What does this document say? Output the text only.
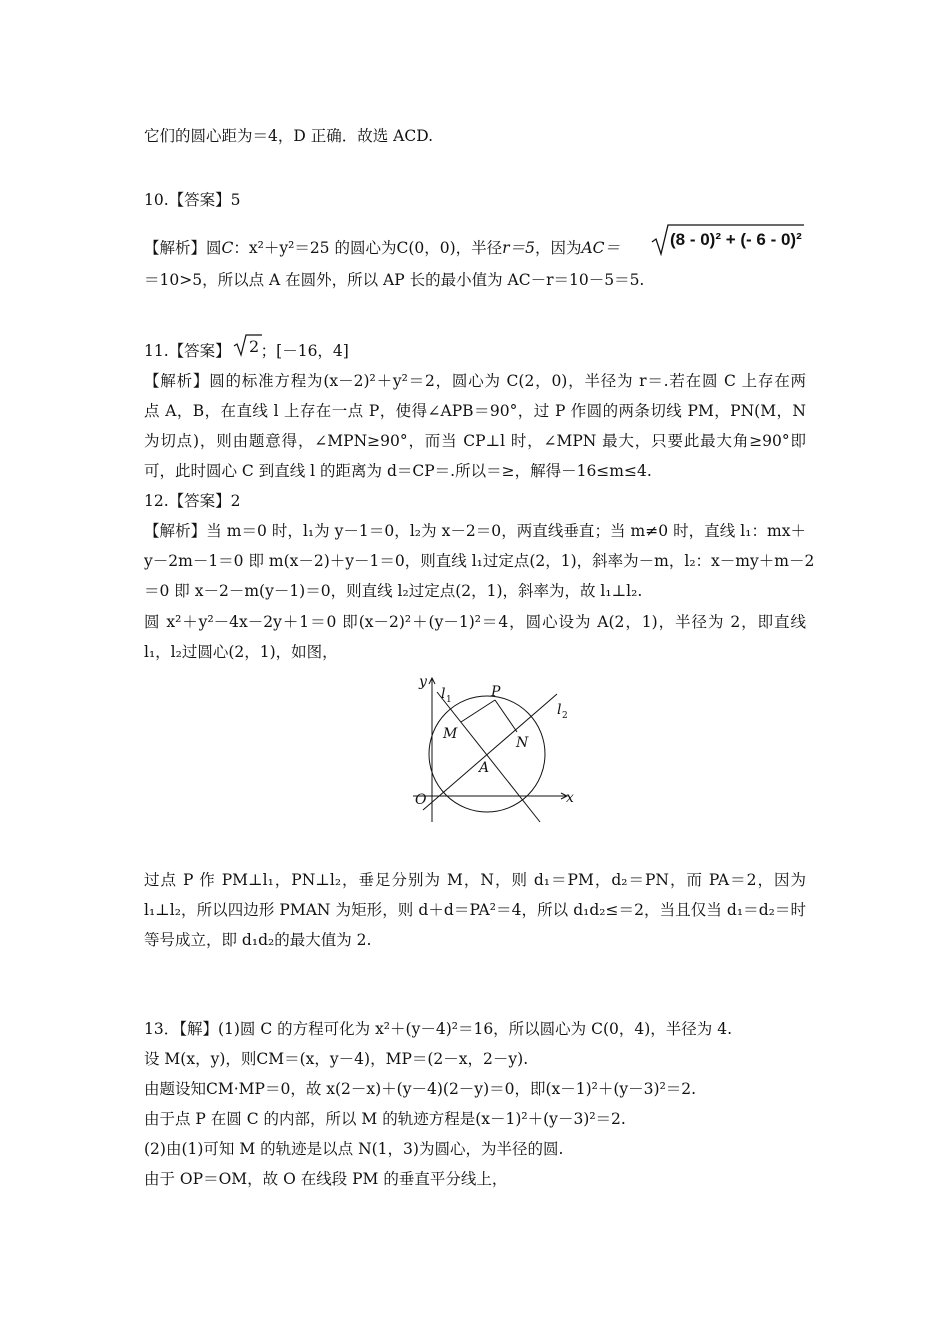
它们的圆心距为＝4，D 正确．故选 ACD.
10.【答案】5
【解析】圆C：x²＋y²＝25 的圆心为C(0，0)，半径r＝5，因为AC＝	(8 - 0)² + (- 6 - 0)²
＝10>5，所以点 A 在圆外，所以 AP 长的最小值为 AC－r＝10－5＝5.
11.【答案】 ；[－16，4]
2
【解析】圆的标准方程为(x－2)²＋y²＝2，圆心为 C(2，0)，半径为 r＝.若在圆 C 上存在两
点 A，B，在直线 l 上存在一点 P，使得∠APB＝90°，过 P 作圆的两条切线 PM，PN(M，N
为切点)，则由题意得，∠MPN≥90°，而当 CP⊥l 时，∠MPN 最大，只要此最大角≥90°即
可，此时圆心 C 到直线 l 的距离为 d＝CP＝.所以＝≥，解得－16≤m≤4.
12.【答案】2
【解析】当 m＝0 时，l₁为 y－1＝0，l₂为 x－2＝0，两直线垂直；当 m≠0 时，直线 l₁：mx＋
y－2m－1＝0 即 m(x－2)＋y－1＝0，则直线 l₁过定点(2，1)，斜率为－m，l₂：x－my＋m－2
＝0 即 x－2－m(y－1)＝0，则直线 l₂过定点(2，1)，斜率为，故 l₁⊥l₂.
圆 x²＋y²－4x－2y＋1＝0 即(x－2)²＋(y－1)²＝4，圆心设为 A(2，1)，半径为 2，即直线
l₁，l₂过圆心(2，1)，如图，
y
x
O
l 1
l 2
P
M
N
A
过点 P 作 PM⊥l₁，PN⊥l₂，垂足分别为 M，N，则 d₁＝PM，d₂＝PN，而 PA＝2，因为
l₁⊥l₂，所以四边形 PMAN 为矩形，则 d＋d＝PA²＝4，所以 d₁d₂≤＝2，当且仅当 d₁＝d₂＝时
等号成立，即 d₁d₂的最大值为 2.
13．【解】(1)圆 C 的方程可化为 x²＋(y－4)²＝16，所以圆心为 C(0，4)，半径为 4.
设 M(x，y)，则CM＝(x，y－4)，MP＝(2－x，2－y).
由题设知CM·MP＝0，故 x(2－x)＋(y－4)(2－y)＝0，即(x－1)²＋(y－3)²＝2.
由于点 P 在圆 C 的内部，所以 M 的轨迹方程是(x－1)²＋(y－3)²＝2.
(2)由(1)可知 M 的轨迹是以点 N(1，3)为圆心，为半径的圆.
由于 OP＝OM，故 O 在线段 PM 的垂直平分线上，
